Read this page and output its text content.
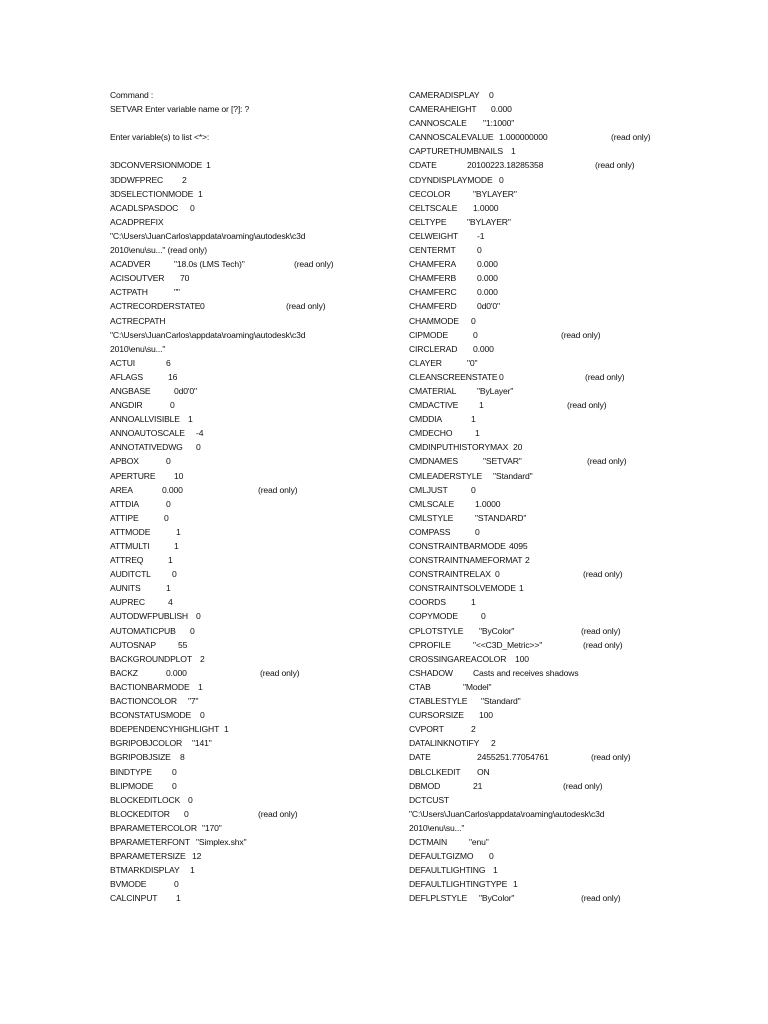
Command :
SETVAR Enter variable name or [?]: ?
Enter variable(s) to list <*>:
3DCONVERSIONMODE 1
3DDWFPREC 2
3DSELECTIONMODE 1
ACADLSPASDOC 0
ACADPREFIX
"C:\Users\JuanCarlos\appdata\roaming\autodesk\c3d
2010\enu\su..." (read only)
ACADVER	"18.0s (LMS Tech)"	(read only)
ACISOUTVER 70
ACTPATH	""
ACTRECORDERSTATE 0	(read only)
ACTRECPATH
"C:\Users\JuanCarlos\appdata\roaming\autodesk\c3d
2010\enu\su..."
ACTUI	6
AFLAGS	16
ANGBASE	0d0'0"
ANGDIR	0
ANNOALLVISIBLE 1
ANNOAUTOSCALE -4
ANNOTATIVEDWG 0
APBOX	0
APERTURE 10
AREA	0.000	(read only)
ATTDIA	0
ATTIPE	0
ATTMODE	1
ATTMULTI	1
ATTREQ	1
AUDITCTL 0
AUNITS	1
AUPREC	4
AUTODWFPUBLISH 0
AUTOMATICPUB 0
AUTOSNAP	55
BACKGROUNDPLOT 2
BACKZ	0.000	(read only)
BACTIONBARMODE 1
BACTIONCOLOR "7"
BCONSTATUSMODE 0
BDEPENDENCYHIGHLIGHT 1
BGRIPOBJCOLOR "141"
BGRIPOBJSIZE 8
BINDTYPE 0
BLIPMODE 0
BLOCKEDITLOCK 0
BLOCKEDITOR 0	(read only)
BPARAMETERCOLOR "170"
BPARAMETERFONT "Simplex.shx"
BPARAMETERSIZE 12
BTMARKDISPLAY 1
BVMODE	0
CALCINPUT 1
CAMERADISPLAY 0
CAMERAHEIGHT 0.000
CANNOSCALE "1:1000"
CANNOSCALEVALUE 1.000000000	(read only)
CAPTURETHUMBNAILS 1
CDATE	20100223.18285358	(read only)
CDYNDISPLAYMODE 0
CECOLOR	"BYLAYER"
CELTSCALE 1.0000
CELTYPE "BYLAYER"
CELWEIGHT -1
CENTERMT 0
CHAMFERA 0.000
CHAMFERB 0.000
CHAMFERC 0.000
CHAMFERD 0d0'0"
CHAMMODE 0
CIPMODE	0	(read only)
CIRCLERAD 0.000
CLAYER	"0"
CLEANSCREENSTATE 0	(read only)
CMATERIAL "ByLayer"
CMDACTIVE 1	(read only)
CMDDIA	1
CMDECHO	1
CMDINPUTHISTORYMAX 20
CMDNAMES	"SETVAR"	(read only)
CMLEADERSTYLE "Standard"
CMLJUST	0
CMLSCALE 1.0000
CMLSTYLE	"STANDARD"
COMPASS	0
CONSTRAINTBARMODE 4095
CONSTRAINTNAMEFORMAT 2
CONSTRAINTRELAX 0	(read only)
CONSTRAINTSOLVEMODE 1
COORDS	1
COPYMODE	0
CPLOTSTYLE "ByColor"	(read only)
CPROFILE	"<<C3D_Metric>>"	(read only)
CROSSINGAREACOLOR 100
CSHADOW Casts and receives shadows
CTAB	"Model"
CTABLESTYLE "Standard"
CURSORSIZE 100
CVPORT	2
DATALINKNOTIFY 2
DATE	2455251.77054761	(read only)
DBLCLKEDIT ON
DBMOD	21	(read only)
DCTCUST
"C:\Users\JuanCarlos\appdata\roaming\autodesk\c3d
2010\enu\su..."
DCTMAIN	"enu"
DEFAULTGIZMO 0
DEFAULTLIGHTING 1
DEFAULTLIGHTINGTYPE 1
DEFLPLSTYLE "ByColor"	(read only)
